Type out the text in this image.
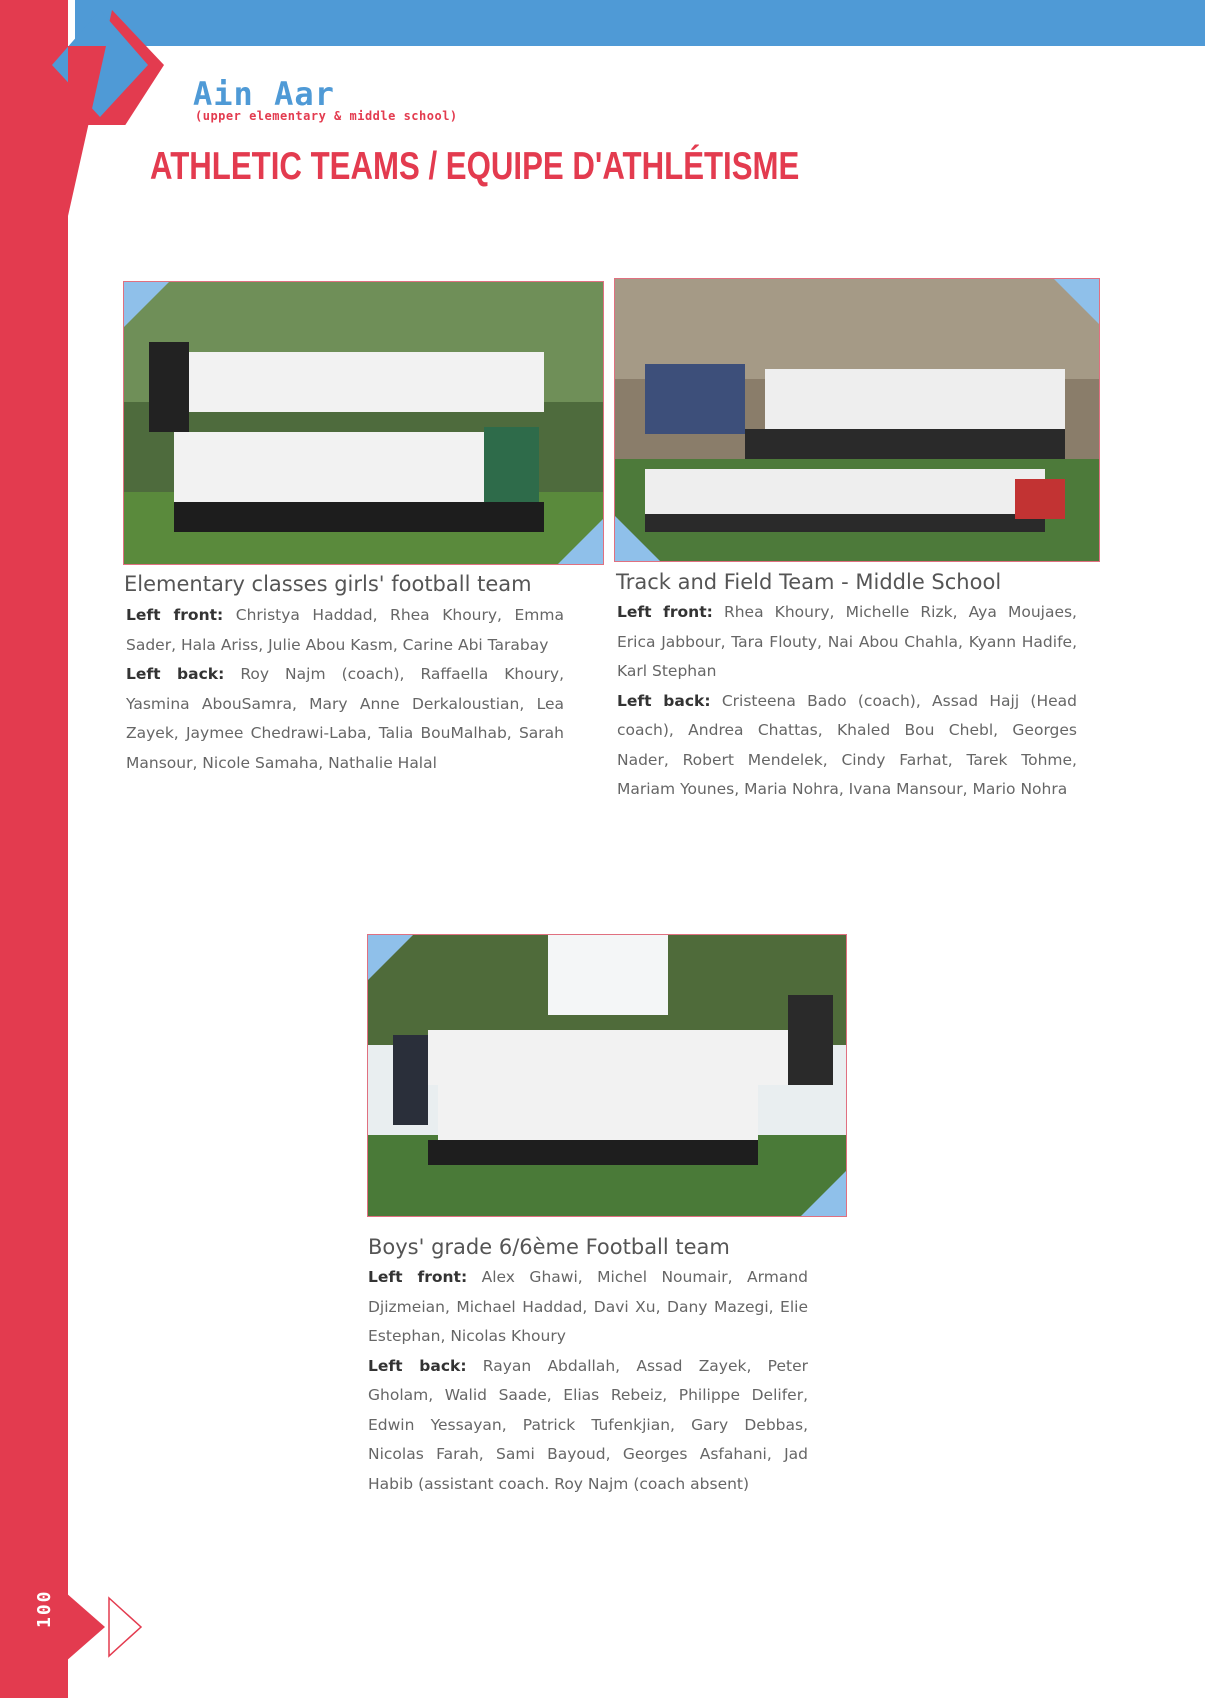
100
Ain Aar
(upper elementary & middle school)
ATHLETIC TEAMS / EQUIPE D'ATHLÉTISME
Elementary classes girls' football team
Left front: Christya Haddad, Rhea Khoury, Emma Sader, Hala Ariss, Julie Abou Kasm, Carine Abi Tarabay
Left back: Roy Najm (coach), Raffaella Khoury, Yasmina AbouSamra, Mary Anne Derkaloustian, Lea Zayek, Jaymee Chedrawi-Laba, Talia BouMalhab, Sarah Mansour, Nicole Samaha, Nathalie Halal
Track and Field Team - Middle School
Left front: Rhea Khoury, Michelle Rizk, Aya Moujaes, Erica Jabbour, Tara Flouty, Nai Abou Chahla, Kyann Hadife, Karl Stephan
Left back: Cristeena Bado (coach), Assad Hajj (Head coach), Andrea Chattas, Khaled Bou Chebl, Georges Nader, Robert Mendelek, Cindy Farhat, Tarek Tohme, Mariam Younes, Maria Nohra, Ivana Mansour, Mario Nohra
Boys' grade 6/6ème Football team
Left front: Alex Ghawi, Michel Noumair, Armand Djizmeian, Michael Haddad, Davi Xu, Dany Mazegi, Elie Estephan, Nicolas Khoury
Left back: Rayan Abdallah, Assad Zayek, Peter Gholam, Walid Saade, Elias Rebeiz, Philippe Delifer, Edwin Yessayan, Patrick Tufenkjian, Gary Debbas, Nicolas Farah, Sami Bayoud, Georges Asfahani, Jad Habib (assistant coach. Roy Najm (coach absent)
